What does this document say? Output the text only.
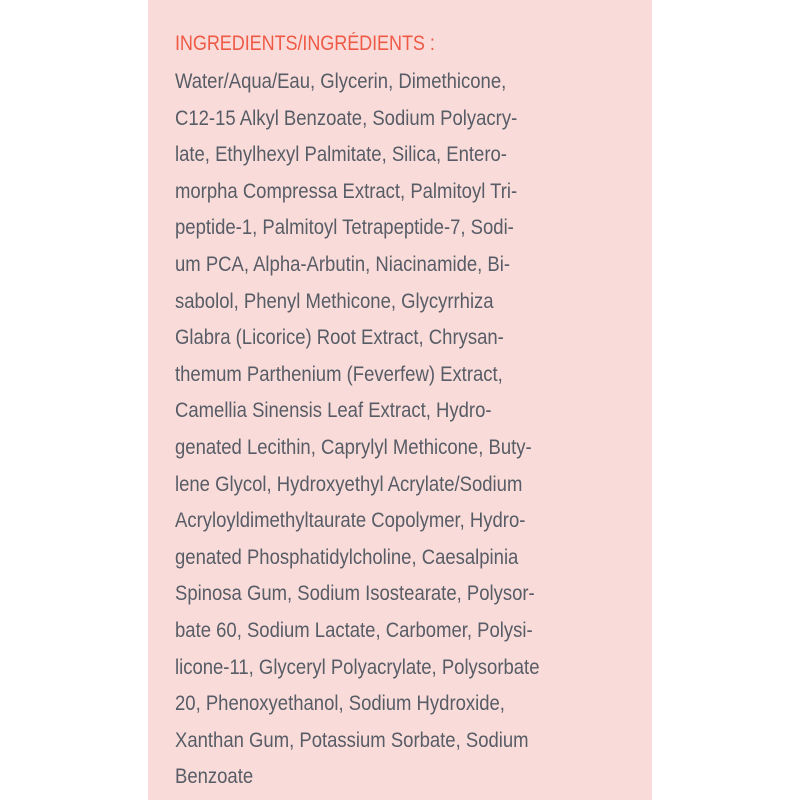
INGREDIENTS/INGRÉDIENTS :
Water/Aqua/Eau, Glycerin, Dimethicone,
C12-15 Alkyl Benzoate, Sodium Polyacry-
late, Ethylhexyl Palmitate, Silica, Entero-
morpha Compressa Extract, Palmitoyl Tri-
peptide-1, Palmitoyl Tetrapeptide-7, Sodi-
um PCA, Alpha-Arbutin, Niacinamide, Bi-
sabolol, Phenyl Methicone, Glycyrrhiza
Glabra (Licorice) Root Extract, Chrysan-
themum Parthenium (Feverfew) Extract,
Camellia Sinensis Leaf Extract, Hydro-
genated Lecithin, Caprylyl Methicone, Buty-
lene Glycol, Hydroxyethyl Acrylate/Sodium
Acryloyldimethyltaurate Copolymer, Hydro-
genated Phosphatidylcholine, Caesalpinia
Spinosa Gum, Sodium Isostearate, Polysor-
bate 60, Sodium Lactate, Carbomer, Polysi-
licone-11, Glyceryl Polyacrylate, Polysorbate
20, Phenoxyethanol, Sodium Hydroxide,
Xanthan Gum, Potassium Sorbate, Sodium
Benzoate
